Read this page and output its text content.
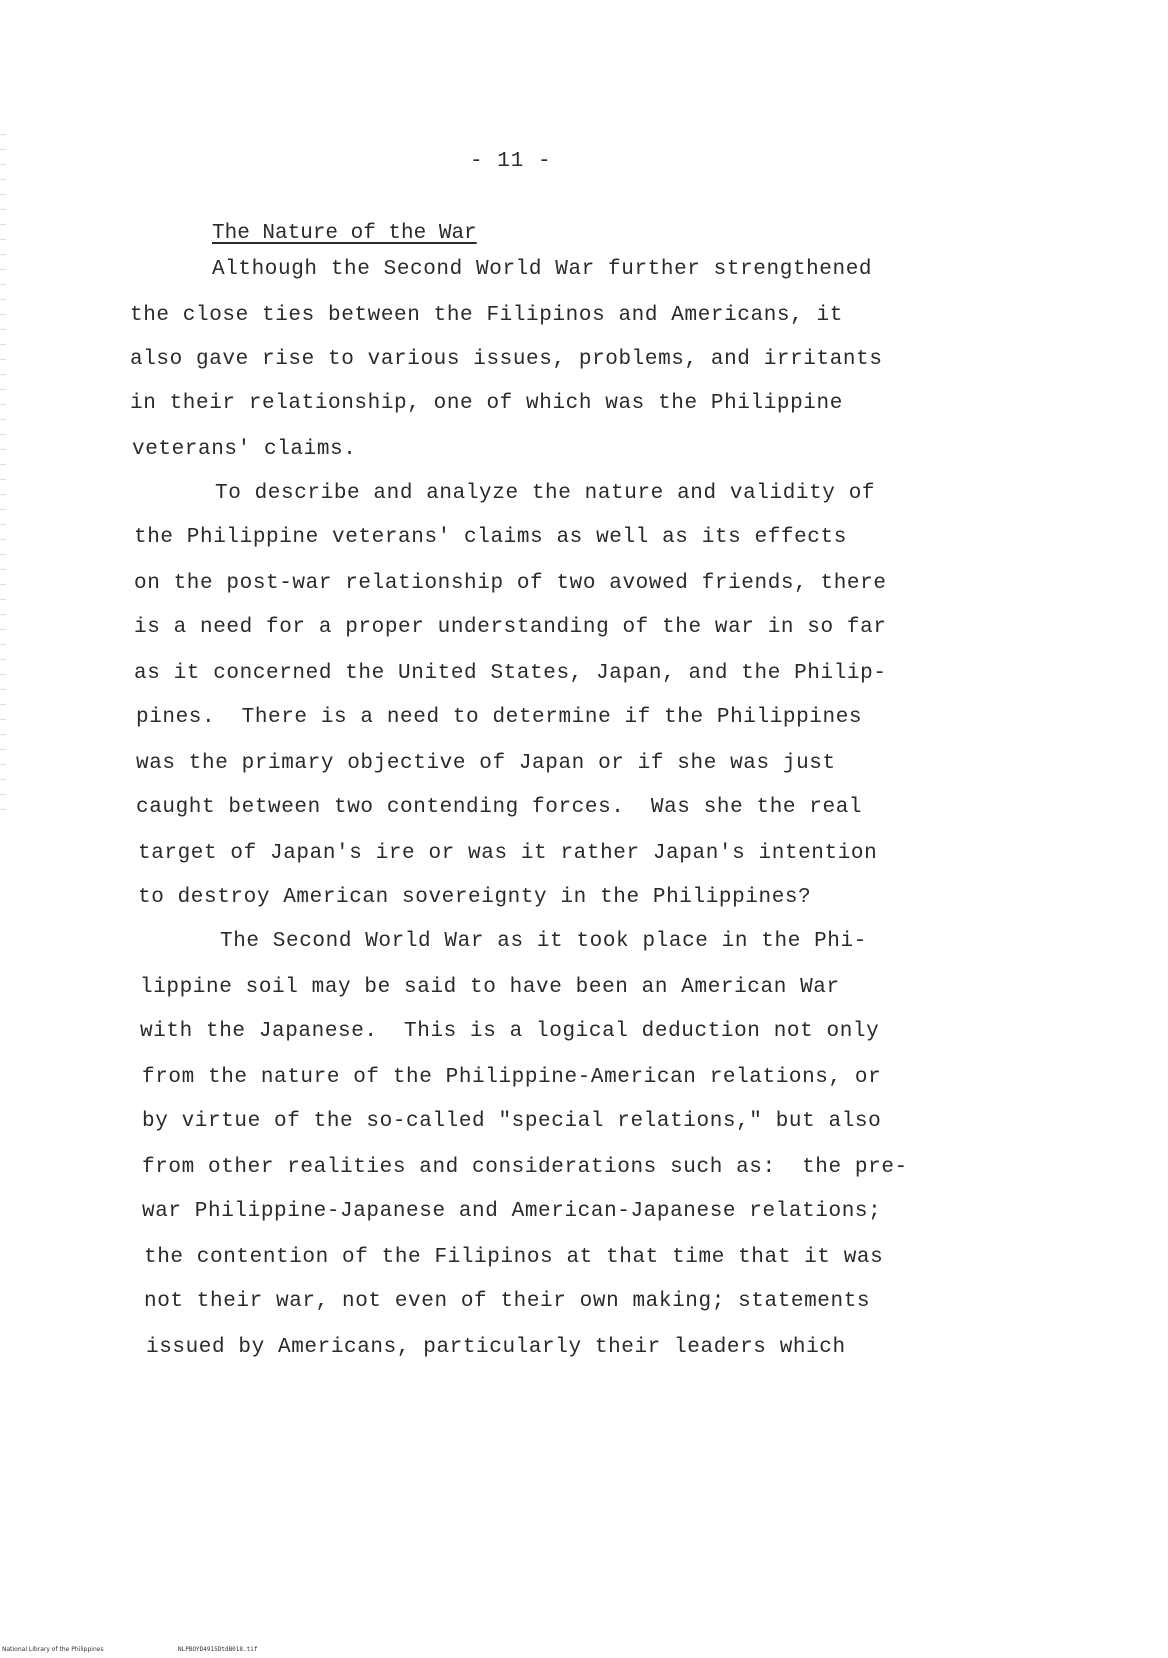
- 11 -
The Nature of the War
Although the Second World War further strengthened
the close ties between the Filipinos and Americans, it
also gave rise to various issues, problems, and irritants
in their relationship, one of which was the Philippine
veterans' claims.
To describe and analyze the nature and validity of
the Philippine veterans' claims as well as its effects
on the post-war relationship of two avowed friends, there
is a need for a proper understanding of the war in so far
as it concerned the United States, Japan, and the Philip-
pines.  There is a need to determine if the Philippines
was the primary objective of Japan or if she was just
caught between two contending forces.  Was she the real
target of Japan's ire or was it rather Japan's intention
to destroy American sovereignty in the Philippines?
The Second World War as it took place in the Phi-
lippine soil may be said to have been an American War
with the Japanese.  This is a logical deduction not only
from the nature of the Philippine-American relations, or
by virtue of the so-called "special relations," but also
from other realities and considerations such as:  the pre-
war Philippine-Japanese and American-Japanese relations;
the contention of the Filipinos at that time that it was
not their war, not even of their own making; statements
issued by Americans, particularly their leaders which
National Library of the Philippines	NLPBOYD4915DtdB018.tif
